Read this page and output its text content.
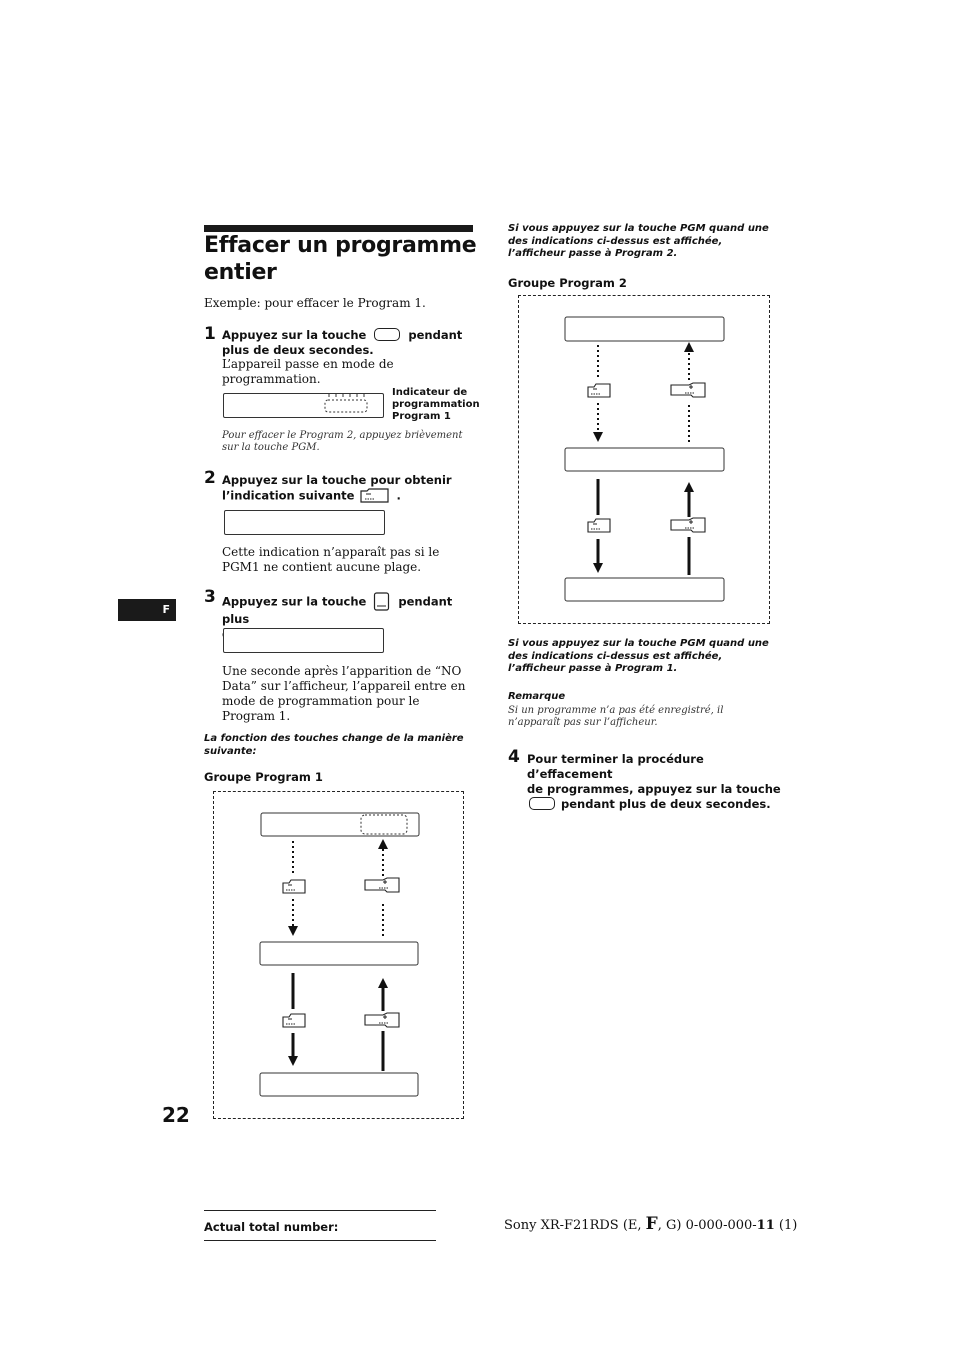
Effacer un programme entier
Exemple: pour effacer le Program 1.
1 Appuyez sur la touche	pendant
plus de deux secondes.
L’appareil passe en mode de programmation.
Indicateur de programmation Program 1
Pour effacer le Program 2, appuyez brièvement sur la touche PGM.
2 Appuyez sur la touche pour obtenir
l’indication suivante	.
Cette indication n’apparaît pas si le PGM1 ne contient aucune plage.
3 Appuyez sur la touche	pendant plus

Une seconde après l’apparition de “NO Data” sur l’afficheur, l’appareil entre en mode de programmation pour le Program 1.
La fonction des touches change de la manière suivante:
Groupe Program 1
F
22
Si vous appuyez sur la touche PGM quand une des indications ci-dessus est affichée, l’afficheur passe à Program 2.
Groupe Program 2
Si vous appuyez sur la touche PGM quand une des indications ci-dessus est affichée, l’afficheur passe à Program 1.
Remarque
Si un programme n’a pas été enregistré, il n’apparaît pas sur l’afficheur.
4 Pour terminer la procédure d’effacement
de programmes, appuyez sur la touche
pendant plus de deux secondes.
Actual total number:	Sony XR-F21RDS (E, F, G) 0-000-000-11 (1)
